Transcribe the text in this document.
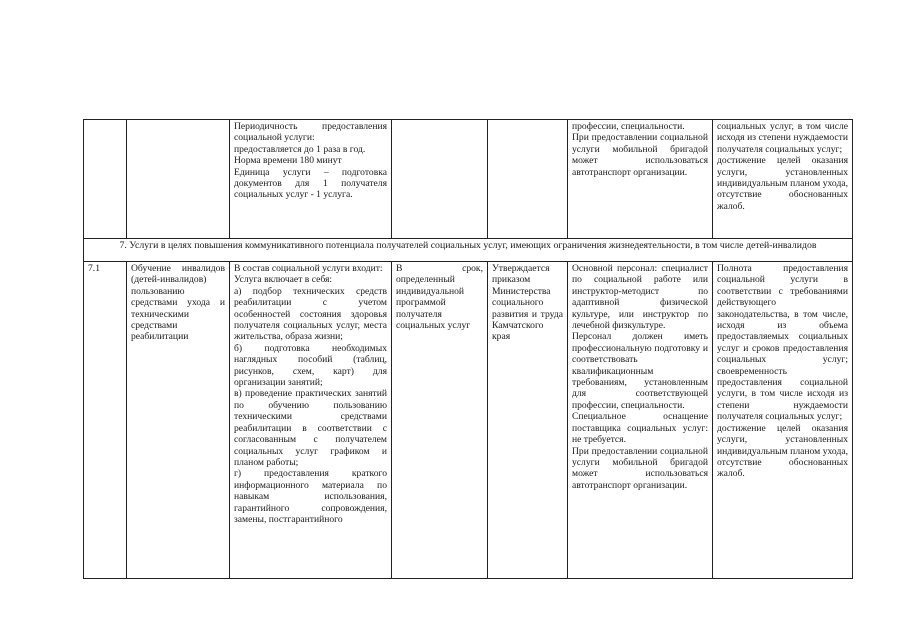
Периодичность предоставления социальной услуги:
предоставляется до 1 раза в год.
Норма времени 180 минут
Единица услуги – подготовка документов для 1 получателя социальных услуг - 1 услуга.
профессии, специальности.
При предоставлении социальной услуги мобильной бригадой может использоваться автотранспорт организации.
социальных услуг, в том числе исходя из степени нуждаемости получателя социальных услуг;
достижение целей оказания услуги, установленных индивидуальным планом ухода, отсутствие обоснованных жалоб.
7. Услуги в целях повышения коммуникативного потенциала получателей социальных услуг, имеющих ограничения жизнедеятельности, в том числе детей-инвалидов
7.1	Обучение инвалидов (детей-инвалидов) пользованию средствами ухода и техническими средствами реабилитации
В состав социальной услуги входит:
Услуга включает в себя:
а) подбор технических средств реабилитации с учетом особенностей состояния здоровья получателя социальных услуг, места жительства, образа жизни;
б) подготовка необходимых наглядных пособий (таблиц, рисунков, схем, карт) для организации занятий;
в) проведение практических занятий по обучению пользованию техническими средствами реабилитации в соответствии с согласованным с получателем социальных услуг графиком и планом работы;
г) предоставления краткого информационного материала по навыкам использования, гарантийного сопровождения, замены, постгарантийного
В срок, определенный индивидуальной программой получателя социальных услуг
Утверждается приказом Министерства социального развития и труда Камчатского края
Основной персонал: специалист по социальной работе или инструктор-методист по адаптивной физической культуре, или инструктор по лечебной физкультуре.
Персонал должен иметь профессиональную подготовку и соответствовать квалификационным требованиям, установленным для соответствующей профессии, специальности.
Специальное оснащение поставщика социальных услуг: не требуется.
При предоставлении социальной услуги мобильной бригадой может использоваться автотранспорт организации.
Полнота предоставления социальной услуги в соответствии с требованиями действующего законодательства, в том числе, исходя из объема предоставляемых социальных услуг и сроков предоставления социальных услуг; своевременность предоставления социальной услуги, в том числе исходя из степени нуждаемости получателя социальных услуг;
достижение целей оказания услуги, установленных индивидуальным планом ухода, отсутствие обоснованных жалоб.
